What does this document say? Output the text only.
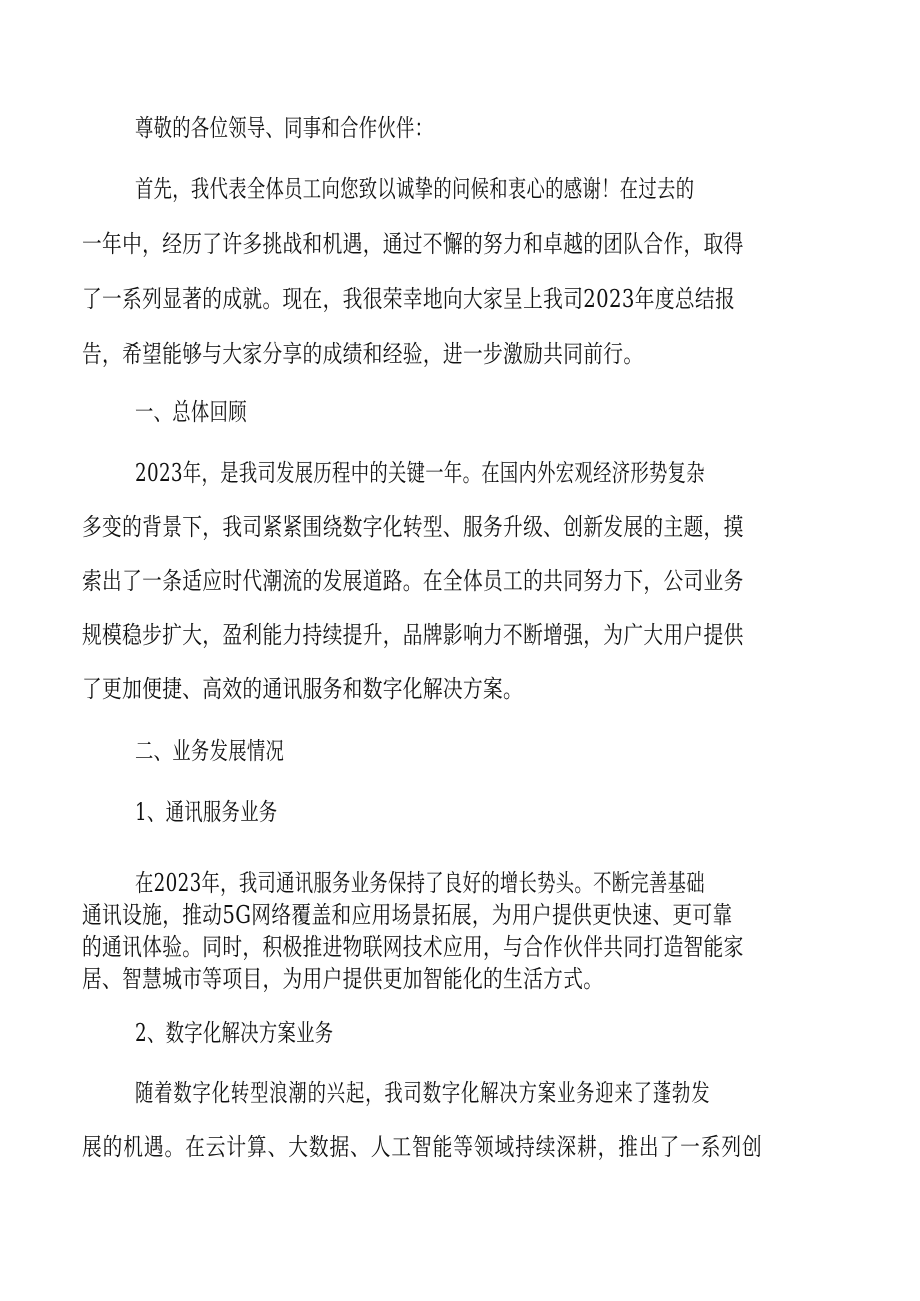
尊敬的各位领导、同事和合作伙伴：
首先，我代表全体员工向您致以诚挚的问候和衷心的感谢！在过去的
一年中，经历了许多挑战和机遇，通过不懈的努力和卓越的团队合作，取得
了一系列显著的成就。现在，我很荣幸地向大家呈上我司2023年度总结报
告，希望能够与大家分享的成绩和经验，进一步激励共同前行。
一、总体回顾
2023年，是我司发展历程中的关键一年。在国内外宏观经济形势复杂
多变的背景下，我司紧紧围绕数字化转型、服务升级、创新发展的主题，摸
索出了一条适应时代潮流的发展道路。在全体员工的共同努力下，公司业务
规模稳步扩大，盈利能力持续提升，品牌影响力不断增强，为广大用户提供
了更加便捷、高效的通讯服务和数字化解决方案。
二、业务发展情况
1、通讯服务业务
在2023年，我司通讯服务业务保持了良好的增长势头。不断完善基础
通讯设施，推动5G网络覆盖和应用场景拓展，为用户提供更快速、更可靠
的通讯体验。同时，积极推进物联网技术应用，与合作伙伴共同打造智能家
居、智慧城市等项目，为用户提供更加智能化的生活方式。
2、数字化解决方案业务
随着数字化转型浪潮的兴起，我司数字化解决方案业务迎来了蓬勃发
展的机遇。在云计算、大数据、人工智能等领域持续深耕，推出了一系列创
